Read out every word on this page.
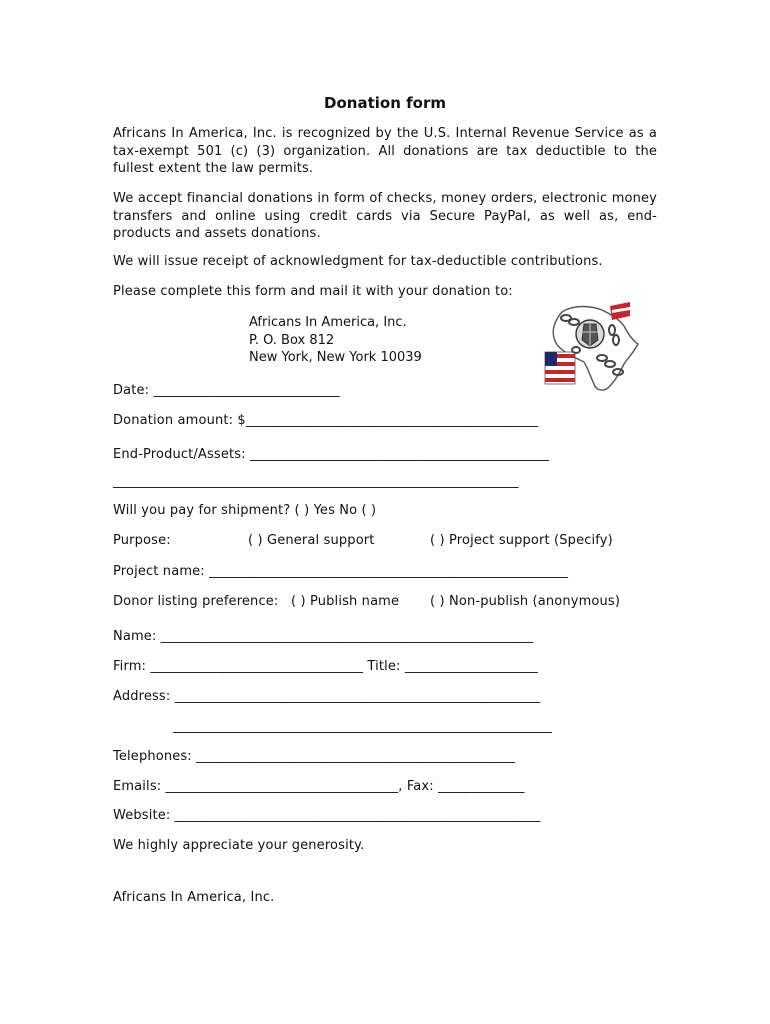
Donation form
Africans In America, Inc. is recognized by the U.S. Internal Revenue Service as a tax-exempt 501 (c) (3) organization. All donations are tax deductible to the fullest extent the law permits.
We accept financial donations in form of checks, money orders, electronic money transfers and online using credit cards via Secure PayPal, as well as, end-products and assets donations.
We will issue receipt of acknowledgment for tax-deductible contributions.
Please complete this form and mail it with your donation to:
Africans In America, Inc.
P. O. Box 812
New York, New York 10039
Date: ____________________________
Donation amount: $____________________________________________
End-Product/Assets: _____________________________________________
_____________________________________________________________
Will you pay for shipment? ( ) Yes No ( )
Purpose:	( ) General support	( ) Project support (Specify)
Project name: ______________________________________________________
Donor listing preference: ( ) Publish name ( ) Non-publish (anonymous)
Name: ________________________________________________________
Firm: ________________________________ Title: ____________________
Address: _______________________________________________________
_________________________________________________________
Telephones: ________________________________________________
Emails: ___________________________________, Fax: _____________
Website: _______________________________________________________
We highly appreciate your generosity.
Africans In America, Inc.
